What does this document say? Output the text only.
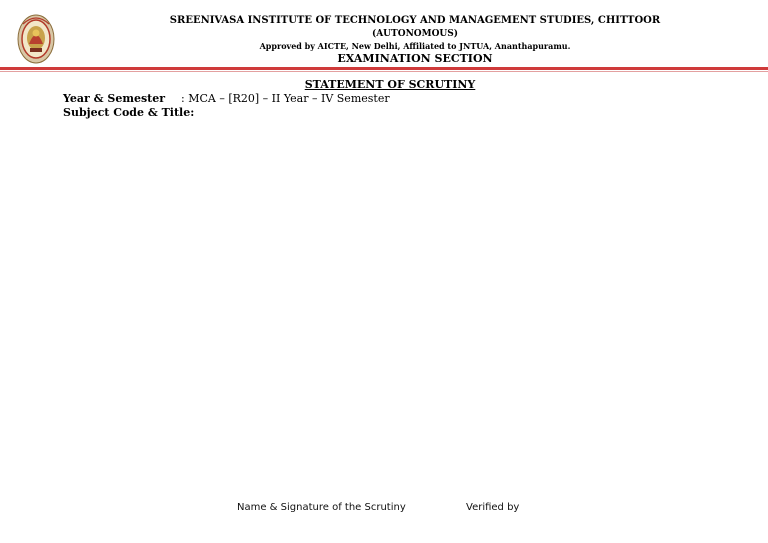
SREENIVASA INSTITUTE OF TECHNOLOGY AND MANAGEMENT STUDIES, CHITTOOR
(AUTONOMOUS)
Approved by AICTE, New Delhi, Affiliated to JNTUA, Ananthapuramu.
EXAMINATION SECTION
STATEMENT OF SCRUTINY
Year & Semester : MCA – [R20] – II Year – IV Semester
Subject Code & Title:
Name & Signature of the Scrutiny	Verified by
